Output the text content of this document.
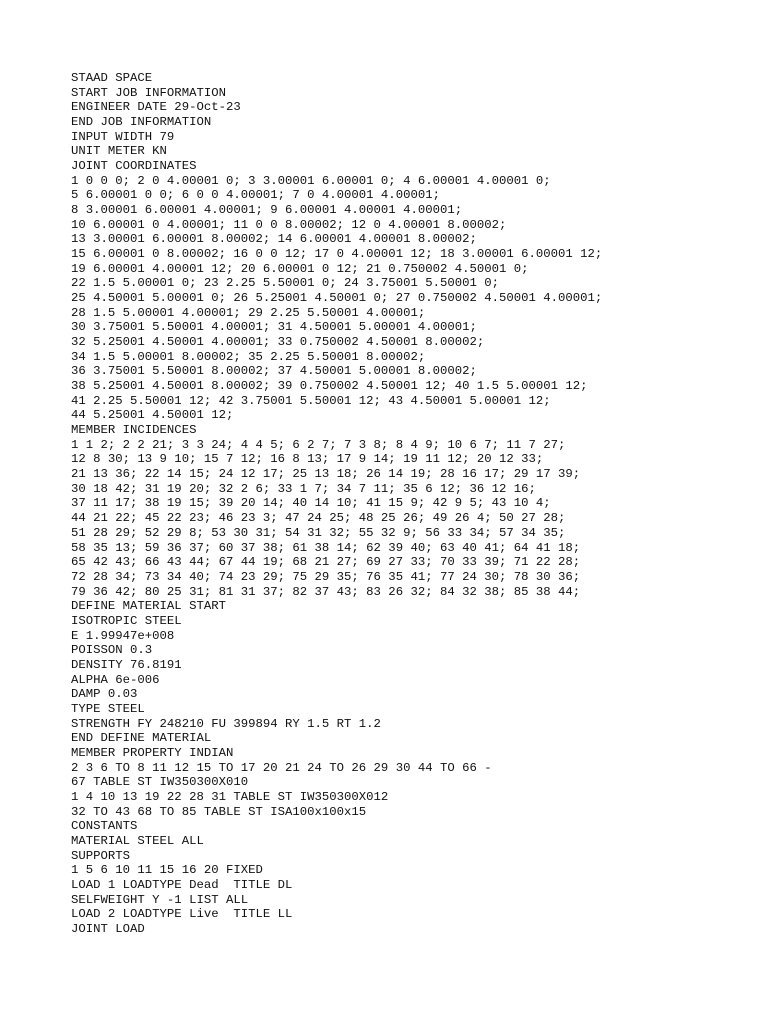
STAAD SPACE
START JOB INFORMATION
ENGINEER DATE 29-Oct-23
END JOB INFORMATION
INPUT WIDTH 79
UNIT METER KN
JOINT COORDINATES
1 0 0 0; 2 0 4.00001 0; 3 3.00001 6.00001 0; 4 6.00001 4.00001 0;
5 6.00001 0 0; 6 0 0 4.00001; 7 0 4.00001 4.00001;
8 3.00001 6.00001 4.00001; 9 6.00001 4.00001 4.00001;
10 6.00001 0 4.00001; 11 0 0 8.00002; 12 0 4.00001 8.00002;
13 3.00001 6.00001 8.00002; 14 6.00001 4.00001 8.00002;
15 6.00001 0 8.00002; 16 0 0 12; 17 0 4.00001 12; 18 3.00001 6.00001 12;
19 6.00001 4.00001 12; 20 6.00001 0 12; 21 0.750002 4.50001 0;
22 1.5 5.00001 0; 23 2.25 5.50001 0; 24 3.75001 5.50001 0;
25 4.50001 5.00001 0; 26 5.25001 4.50001 0; 27 0.750002 4.50001 4.00001;
28 1.5 5.00001 4.00001; 29 2.25 5.50001 4.00001;
30 3.75001 5.50001 4.00001; 31 4.50001 5.00001 4.00001;
32 5.25001 4.50001 4.00001; 33 0.750002 4.50001 8.00002;
34 1.5 5.00001 8.00002; 35 2.25 5.50001 8.00002;
36 3.75001 5.50001 8.00002; 37 4.50001 5.00001 8.00002;
38 5.25001 4.50001 8.00002; 39 0.750002 4.50001 12; 40 1.5 5.00001 12;
41 2.25 5.50001 12; 42 3.75001 5.50001 12; 43 4.50001 5.00001 12;
44 5.25001 4.50001 12;
MEMBER INCIDENCES
1 1 2; 2 2 21; 3 3 24; 4 4 5; 6 2 7; 7 3 8; 8 4 9; 10 6 7; 11 7 27;
12 8 30; 13 9 10; 15 7 12; 16 8 13; 17 9 14; 19 11 12; 20 12 33;
21 13 36; 22 14 15; 24 12 17; 25 13 18; 26 14 19; 28 16 17; 29 17 39;
30 18 42; 31 19 20; 32 2 6; 33 1 7; 34 7 11; 35 6 12; 36 12 16;
37 11 17; 38 19 15; 39 20 14; 40 14 10; 41 15 9; 42 9 5; 43 10 4;
44 21 22; 45 22 23; 46 23 3; 47 24 25; 48 25 26; 49 26 4; 50 27 28;
51 28 29; 52 29 8; 53 30 31; 54 31 32; 55 32 9; 56 33 34; 57 34 35;
58 35 13; 59 36 37; 60 37 38; 61 38 14; 62 39 40; 63 40 41; 64 41 18;
65 42 43; 66 43 44; 67 44 19; 68 21 27; 69 27 33; 70 33 39; 71 22 28;
72 28 34; 73 34 40; 74 23 29; 75 29 35; 76 35 41; 77 24 30; 78 30 36;
79 36 42; 80 25 31; 81 31 37; 82 37 43; 83 26 32; 84 32 38; 85 38 44;
DEFINE MATERIAL START
ISOTROPIC STEEL
E 1.99947e+008
POISSON 0.3
DENSITY 76.8191
ALPHA 6e-006
DAMP 0.03
TYPE STEEL
STRENGTH FY 248210 FU 399894 RY 1.5 RT 1.2
END DEFINE MATERIAL
MEMBER PROPERTY INDIAN
2 3 6 TO 8 11 12 15 TO 17 20 21 24 TO 26 29 30 44 TO 66 -
67 TABLE ST IW350300X010
1 4 10 13 19 22 28 31 TABLE ST IW350300X012
32 TO 43 68 TO 85 TABLE ST ISA100x100x15
CONSTANTS
MATERIAL STEEL ALL
SUPPORTS
1 5 6 10 11 15 16 20 FIXED
LOAD 1 LOADTYPE Dead  TITLE DL
SELFWEIGHT Y -1 LIST ALL
LOAD 2 LOADTYPE Live  TITLE LL
JOINT LOAD
